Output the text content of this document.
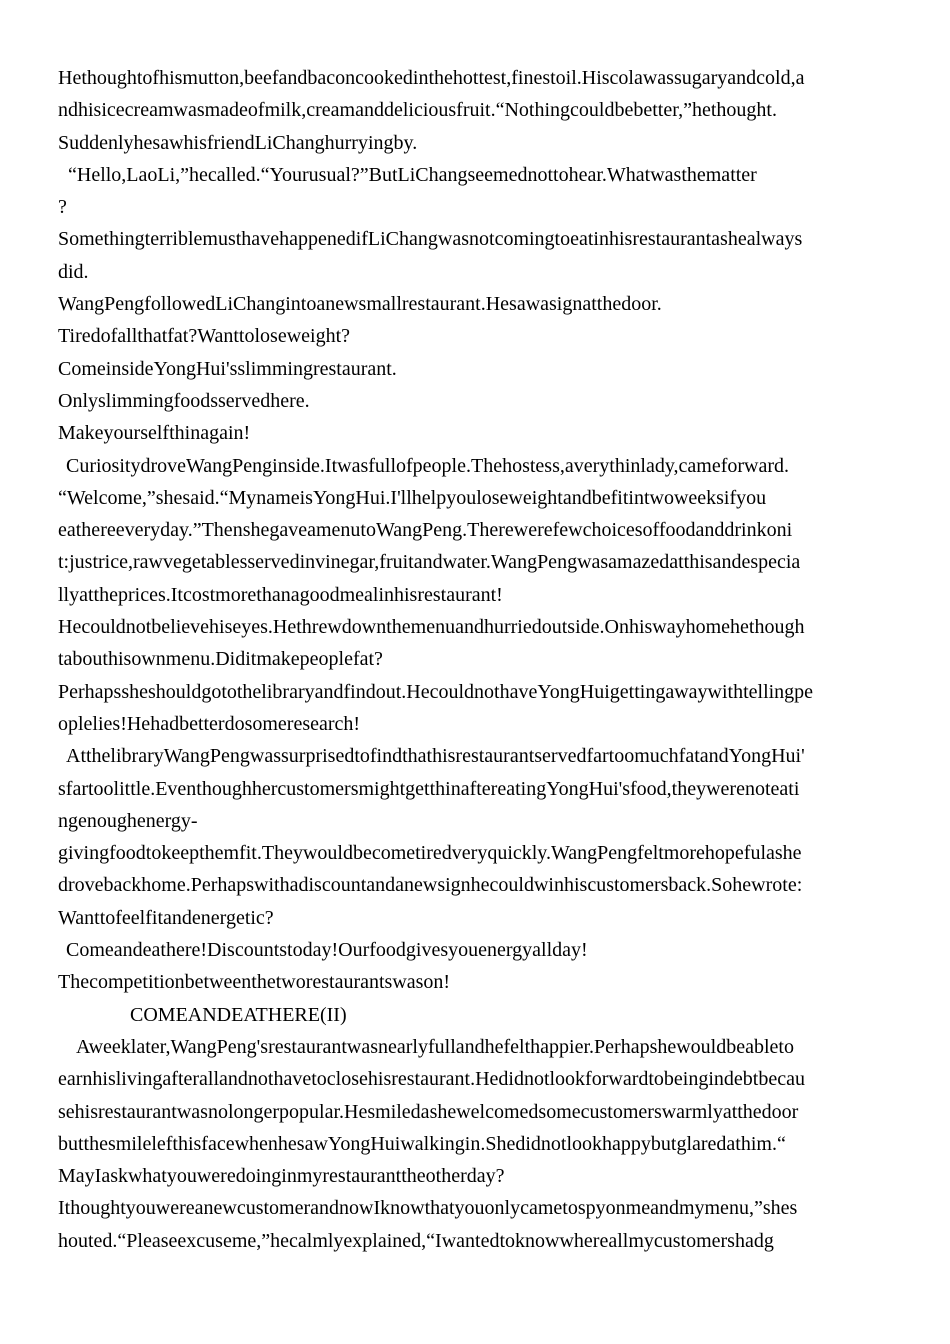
Hethoughtofhismutton,beefandbaconcookedinthehottest,finestoil.Hiscolawassugaryandcold,a
ndhisicecreamwasmadeofmilk,creamanddeliciousfruit.“Nothingcouldbebetter,”hethought.
SuddenlyhesawhisfriendLiChanghurryingby.
“Hello,LaoLi,”hecalled.“Yourusual?”ButLiChangseemednottohear.Whatwasthematter
?
SomethingterriblemusthavehappenedifLiChangwasnotcomingtoeatinhisrestaurantashealways
did.
WangPengfollowedLiChangintoanewsmallrestaurant.Hesawasignatthedoor.
Tiredofallthatfat?Wanttoloseweight?
ComeinsideYongHui'sslimmingrestaurant.
Onlyslimmingfoodsservedhere.
Makeyourselfthinagain!
CuriositydroveWangPenginside.Itwasfullofpeople.Thehostess,averythinlady,cameforward.
“Welcome,”shesaid.“MynameisYongHui.I'llhelpyouloseweightandbefitintwoweeksifyou
eathereeveryday.”ThenshegaveamenutoWangPeng.Therewerefewchoicesoffoodanddrinkoni
t:justrice,rawvegetablesservedinvinegar,fruitandwater.WangPengwasamazedatthisandespecia
llyattheprices.Itcostmorethanagoodmealinhisrestaurant!
Hecouldnotbelievehiseyes.Hethrewdownthemenuandhurriedoutside.Onhiswayhomehethough
tabouthisownmenu.Diditmakepeoplefat?
Perhapssheshouldgotothelibraryandfindout.HecouldnothaveYongHuigettingawaywithtellingpe
oplelies!Hehadbetterdosomeresearch!
AtthelibraryWangPengwassurprisedtofindthathisrestaurantservedfartoomuchfatandYongHui'
sfartoolittle.EventhoughhercustomersmightgetthinaftereatingYongHui'sfood,theywerenoteati
ngenoughenergy-
givingfoodtokeepthemfit.Theywouldbecometiredveryquickly.WangPengfeltmorehopefulashe
drovebackhome.Perhapswithadiscountandanewsignhecouldwinhiscustomersback.Sohewrote:
Wanttofeelfitandenergetic?
Comeandeathere!Discountstoday!Ourfoodgivesyouenergyallday!
Thecompetitionbetweenthetworestaurantswason!
COMEANDEATHERE(II)
Aweeklater,WangPeng'srestaurantwasnearlyfullandhefelthappier.Perhapshewouldbeableto
earnhislivingafterallandnothavetoclosehisrestaurant.Hedidnotlookforwardtobeingindebtbecau
sehisrestaurantwasnolongerpopular.Hesmiledashewelcomedsomecustomerswarmlyatthedoor
butthesmilelefthisfacewhenhesawYongHuiwalkingin.Shedidnotlookhappybutglaredathim.“
MayIaskwhatyouweredoinginmyrestauranttheotherday?
IthoughtyouwereanewcustomerandnowIknowthatyouonlycametospyonmeandmymenu,”shes
houted.“Pleaseexcuseme,”hecalmlyexplained,“Iwantedtoknowwhereallmycustomershadg
